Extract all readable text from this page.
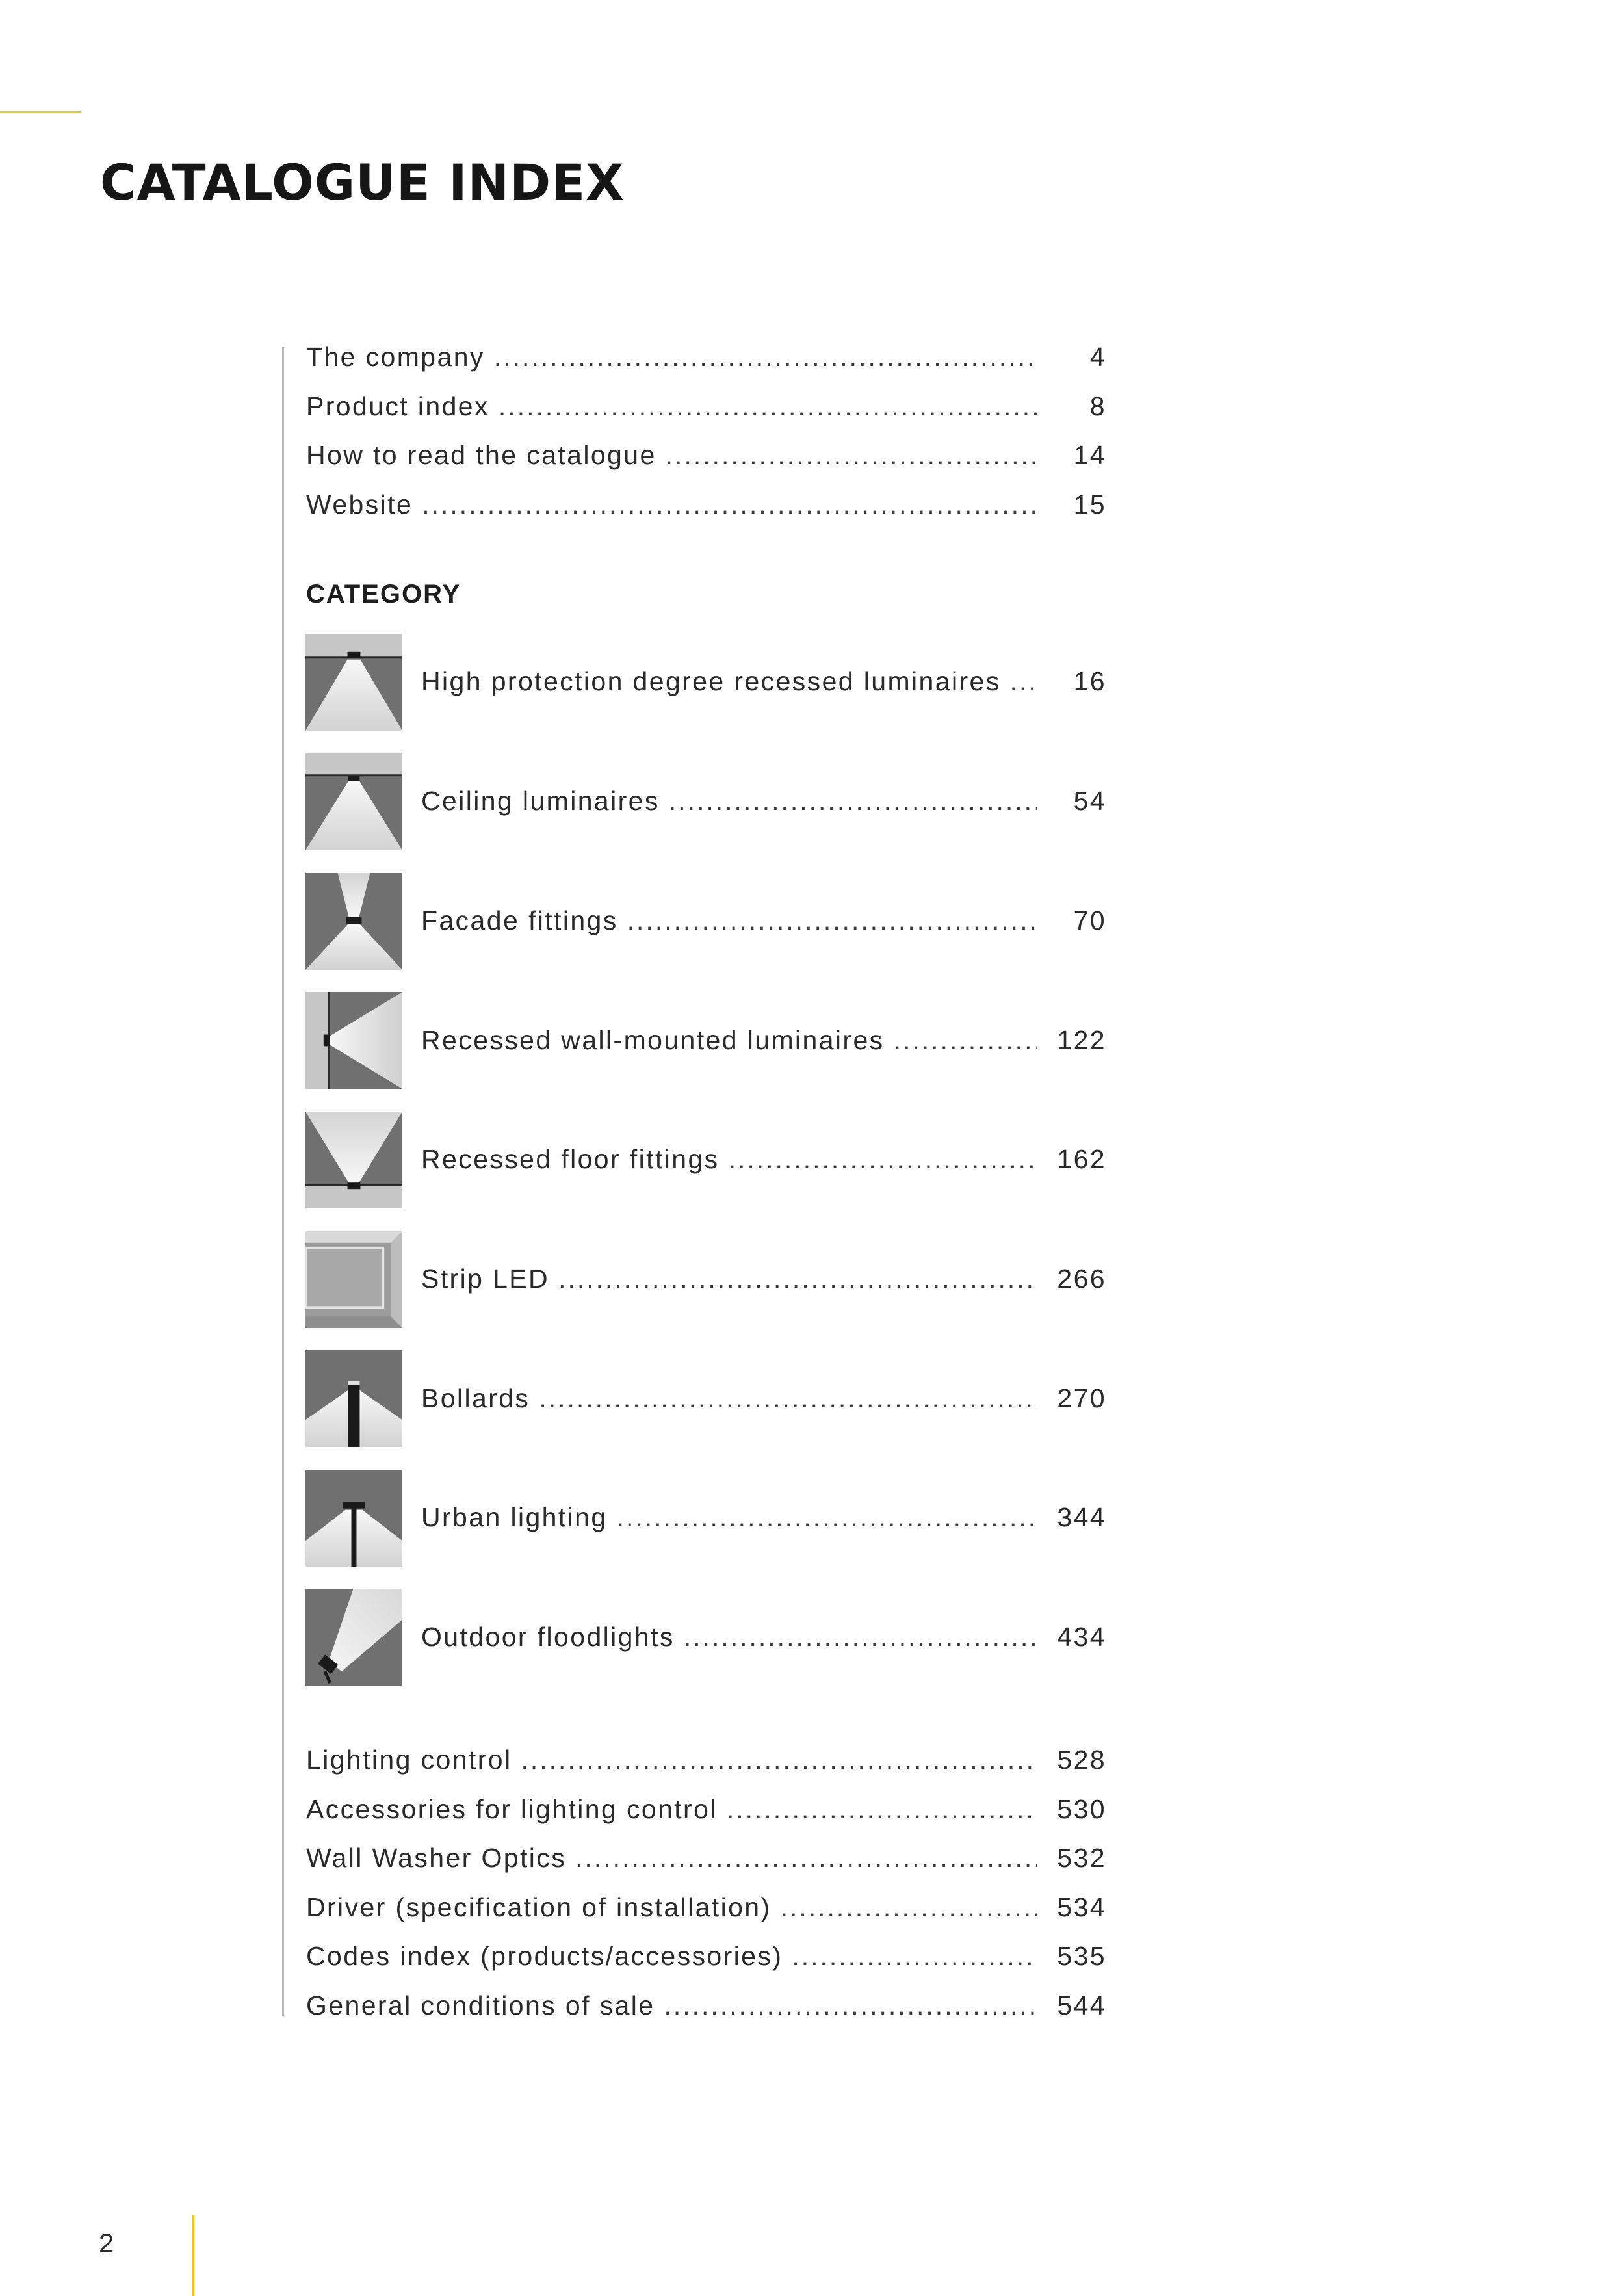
CATALOGUE INDEX
The company .....	4
Product index .....	8
How to read the catalogue .....	14
Website .....	15
CATEGORY
High protection degree recessed luminaires .....	16
Ceiling luminaires .....	54
Facade fittings .....	70
Recessed wall-mounted luminaires .....	122
Recessed floor fittings .....	162
Strip LED .....	266
Bollards .....	270
Urban lighting .....	344
Outdoor floodlights .....	434
Lighting control .....	528
Accessories for lighting control .....	530
Wall Washer Optics .....	532
Driver (specification of installation) .....	534
Codes index (products/accessories) .....	535
General conditions of sale .....	544
2
